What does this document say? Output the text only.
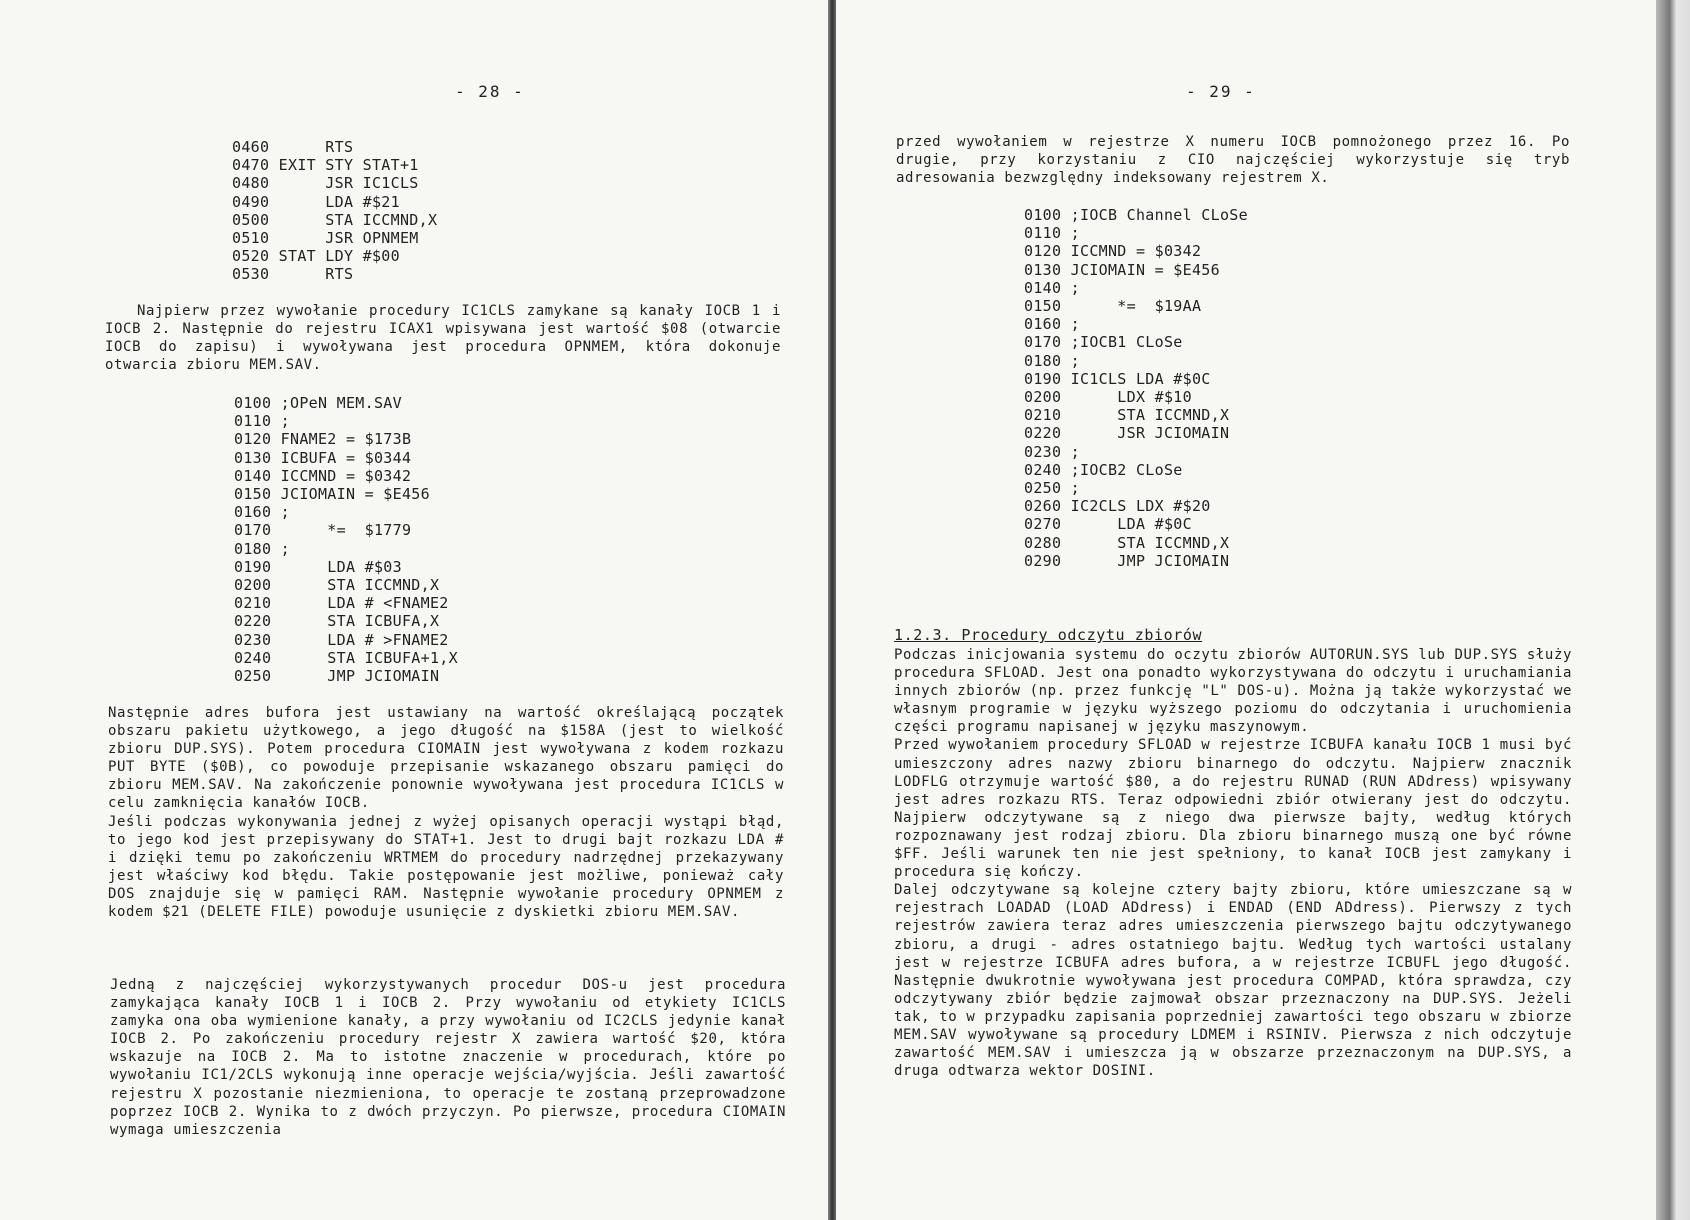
- 28 -
0460      RTS
0470 EXIT STY STAT+1
0480      JSR IC1CLS
0490      LDA #$21
0500      STA ICCMND,X
0510      JSR OPNMEM
0520 STAT LDY #$00
0530      RTS
Najpierw przez wywołanie procedury IC1CLS zamykane są kanały IOCB 1 i IOCB 2. Następnie do rejestru ICAX1 wpisywana jest wartość $08 (otwarcie IOCB do zapisu) i wywoływana jest procedura OPNMEM, która dokonuje otwarcia zbioru MEM.SAV.
0100 ;OPeN MEM.SAV
0110 ;
0120 FNAME2 = $173B
0130 ICBUFA = $0344
0140 ICCMND = $0342
0150 JCIOMAIN = $E456
0160 ;
0170      *=  $1779
0180 ;
0190      LDA #$03
0200      STA ICCMND,X
0210      LDA # <FNAME2
0220      STA ICBUFA,X
0230      LDA # >FNAME2
0240      STA ICBUFA+1,X
0250      JMP JCIOMAIN
Następnie adres bufora jest ustawiany na wartość określającą początek obszaru pakietu użytkowego, a jego długość na $158A (jest to wielkość zbioru DUP.SYS). Potem procedura CIOMAIN jest wywoływana z kodem rozkazu PUT BYTE ($0B), co powoduje przepisanie wskazanego obszaru pamięci do zbioru MEM.SAV. Na zakończenie ponownie wywoływana jest procedura IC1CLS w celu zamknięcia kanałów IOCB.
Jeśli podczas wykonywania jednej z wyżej opisanych operacji wystąpi błąd, to jego kod jest przepisywany do STAT+1. Jest to drugi bajt rozkazu LDA # i dzięki temu po zakończeniu WRTMEM do procedury nadrzędnej przekazywany jest właściwy kod błędu. Takie postępowanie jest możliwe, ponieważ cały DOS znajduje się w pamięci RAM. Następnie wywołanie procedury OPNMEM z kodem $21 (DELETE FILE) powoduje usunięcie z dyskietki zbioru MEM.SAV.
Jedną z najczęściej wykorzystywanych procedur DOS-u jest procedura zamykająca kanały IOCB 1 i IOCB 2. Przy wywołaniu od etykiety IC1CLS zamyka ona oba wymienione kanały, a przy wywołaniu od IC2CLS jedynie kanał IOCB 2. Po zakończeniu procedury rejestr X zawiera wartość $20, która wskazuje na IOCB 2. Ma to istotne znaczenie w procedurach, które po wywołaniu IC1/2CLS wykonują inne operacje wejścia/wyjścia. Jeśli zawartość rejestru X pozostanie niezmieniona, to operacje te zostaną przeprowadzone poprzez IOCB 2. Wynika to z dwóch przyczyn. Po pierwsze, procedura CIOMAIN wymaga umieszczenia
- 29 -
przed wywołaniem w rejestrze X numeru IOCB pomnożonego przez 16. Po drugie, przy korzystaniu z CIO najczęściej wykorzystuje się tryb adresowania bezwzględny indeksowany rejestrem X.
0100 ;IOCB Channel CLoSe
0110 ;
0120 ICCMND = $0342
0130 JCIOMAIN = $E456
0140 ;
0150      *=  $19AA
0160 ;
0170 ;IOCB1 CLoSe
0180 ;
0190 IC1CLS LDA #$0C
0200      LDX #$10
0210      STA ICCMND,X
0220      JSR JCIOMAIN
0230 ;
0240 ;IOCB2 CLoSe
0250 ;
0260 IC2CLS LDX #$20
0270      LDA #$0C
0280      STA ICCMND,X
0290      JMP JCIOMAIN
1.2.3. Procedury odczytu zbiorów
Podczas inicjowania systemu do oczytu zbiorów AUTORUN.SYS lub DUP.SYS służy procedura SFLOAD. Jest ona ponadto wykorzystywana do odczytu i uruchamiania innych zbiorów (np. przez funkcję "L" DOS-u). Można ją także wykorzystać we własnym programie w języku wyższego poziomu do odczytania i uruchomienia części programu napisanej w języku maszynowym.
Przed wywołaniem procedury SFLOAD w rejestrze ICBUFA kanału IOCB 1 musi być umieszczony adres nazwy zbioru binarnego do odczytu. Najpierw znacznik LODFLG otrzymuje wartość $80, a do rejestru RUNAD (RUN ADdress) wpisywany jest adres rozkazu RTS. Teraz odpowiedni zbiór otwierany jest do odczytu. Najpierw odczytywane są z niego dwa pierwsze bajty, według których rozpoznawany jest rodzaj zbioru. Dla zbioru binarnego muszą one być równe $FF. Jeśli warunek ten nie jest spełniony, to kanał IOCB jest zamykany i procedura się kończy.
Dalej odczytywane są kolejne cztery bajty zbioru, które umieszczane są w rejestrach LOADAD (LOAD ADdress) i ENDAD (END ADdress). Pierwszy z tych rejestrów zawiera teraz adres umieszczenia pierwszego bajtu odczytywanego zbioru, a drugi - adres ostatniego bajtu. Według tych wartości ustalany jest w rejestrze ICBUFA adres bufora, a w rejestrze ICBUFL jego długość. Następnie dwukrotnie wywoływana jest procedura COMPAD, która sprawdza, czy odczytywany zbiór będzie zajmował obszar przeznaczony na DUP.SYS. Jeżeli tak, to w przypadku zapisania poprzedniej zawartości tego obszaru w zbiorze MEM.SAV wywoływane są procedury LDMEM i RSINIV. Pierwsza z nich odczytuje zawartość MEM.SAV i umieszcza ją w obszarze przeznaczonym na DUP.SYS, a druga odtwarza wektor DOSINI.
